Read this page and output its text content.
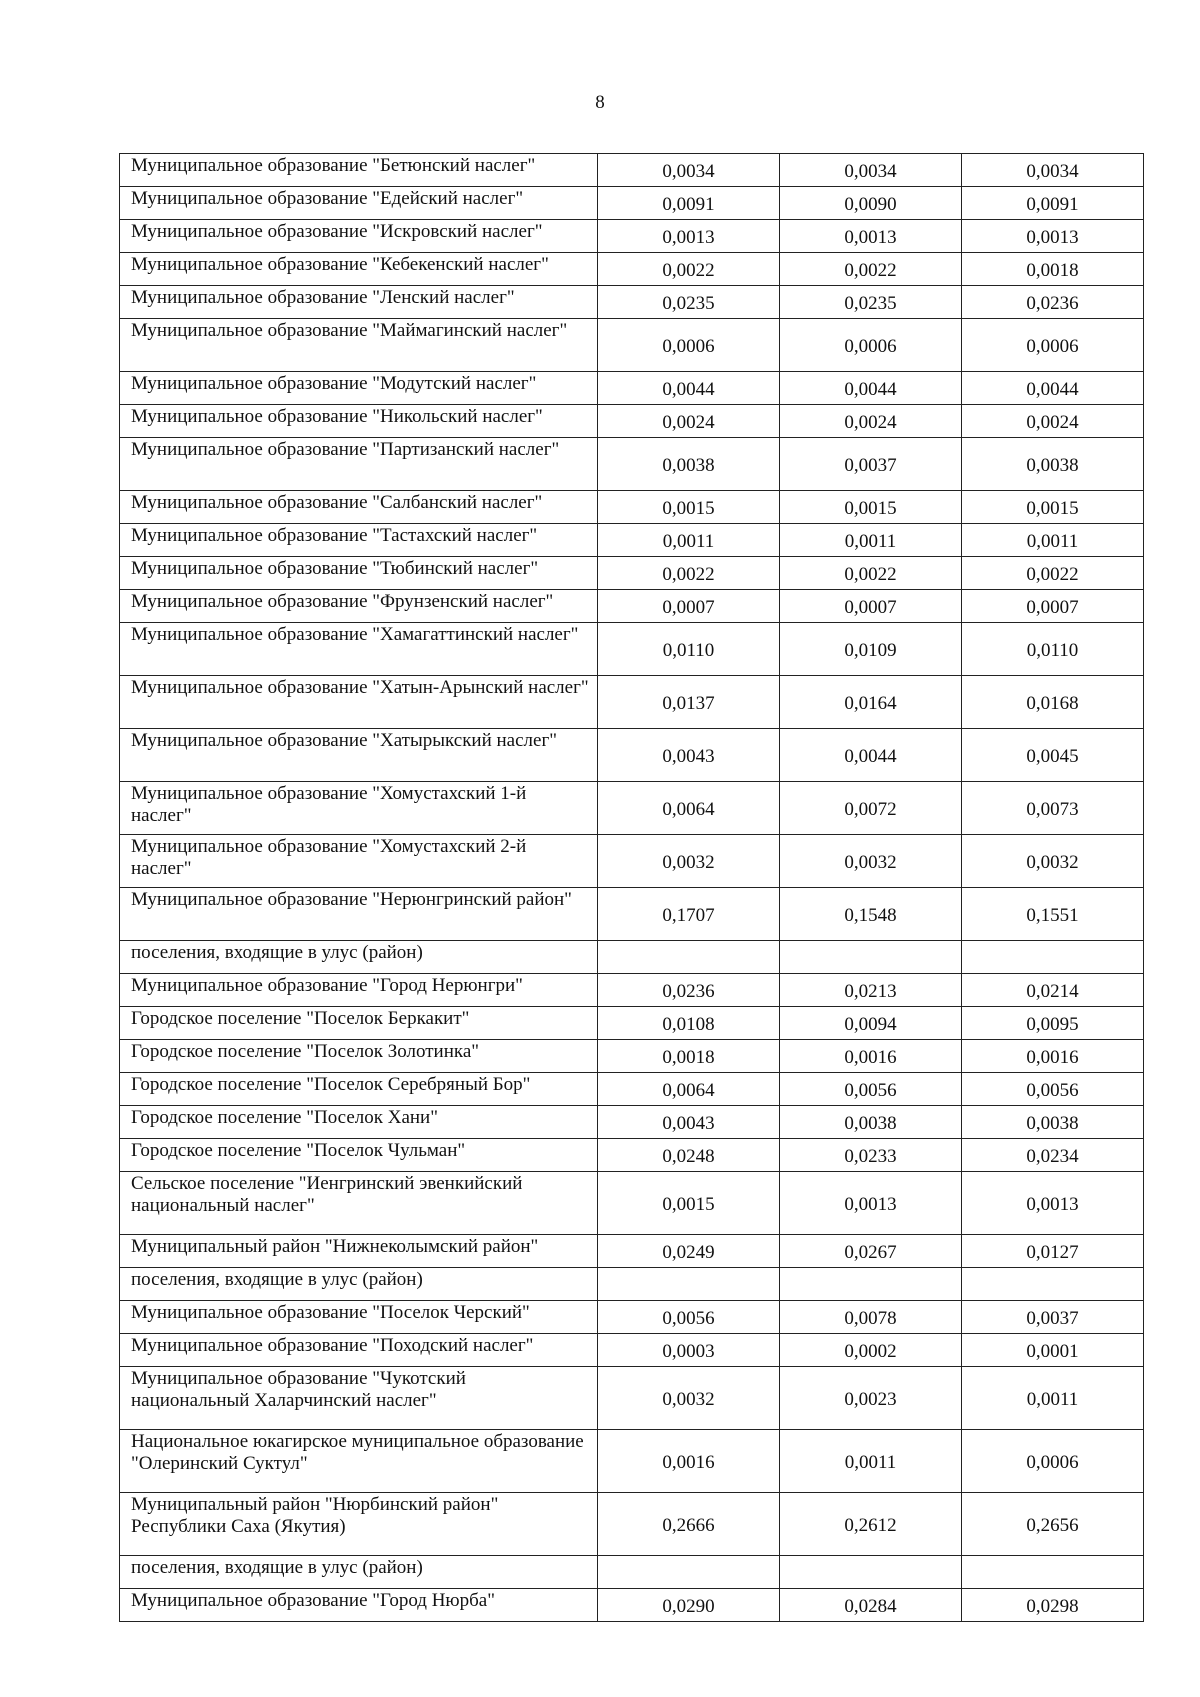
8
Муниципальное образование "Бетюнский наслег"	0,0034	0,0034	0,0034
Муниципальное образование "Едейский наслег"	0,0091	0,0090	0,0091
Муниципальное образование "Искровский наслег"	0,0013	0,0013	0,0013
Муниципальное образование "Кебекенский наслег"	0,0022	0,0022	0,0018
Муниципальное образование "Ленский наслег"	0,0235	0,0235	0,0236
Муниципальное образование "Маймагинский наслег"	0,0006	0,0006	0,0006
Муниципальное образование "Модутский наслег"	0,0044	0,0044	0,0044
Муниципальное образование "Никольский наслег"	0,0024	0,0024	0,0024
Муниципальное образование "Партизанский наслег"	0,0038	0,0037	0,0038
Муниципальное образование "Салбанский наслег"	0,0015	0,0015	0,0015
Муниципальное образование "Тастахский наслег"	0,0011	0,0011	0,0011
Муниципальное образование "Тюбинский наслег"	0,0022	0,0022	0,0022
Муниципальное образование "Фрунзенский наслег"	0,0007	0,0007	0,0007
Муниципальное образование "Хамагаттинский наслег"	0,0110	0,0109	0,0110
Муниципальное образование "Хатын-Арынский наслег"	0,0137	0,0164	0,0168
Муниципальное образование "Хатырыкский наслег"	0,0043	0,0044	0,0045
Муниципальное образование "Хомустахский 1-й наслег"	0,0064	0,0072	0,0073
Муниципальное образование "Хомустахский 2-й наслег"	0,0032	0,0032	0,0032
Муниципальное образование "Нерюнгринский район"	0,1707	0,1548	0,1551
поселения, входящие в улус (район)			
Муниципальное образование "Город Нерюнгри"	0,0236	0,0213	0,0214
Городское поселение "Поселок Беркакит"	0,0108	0,0094	0,0095
Городское поселение "Поселок Золотинка"	0,0018	0,0016	0,0016
Городское поселение "Поселок Серебряный Бор"	0,0064	0,0056	0,0056
Городское поселение "Поселок Хани"	0,0043	0,0038	0,0038
Городское поселение "Поселок Чульман"	0,0248	0,0233	0,0234
Сельское поселение "Иенгринский эвенкийский национальный наслег"	0,0015	0,0013	0,0013
Муниципальный район "Нижнеколымский район"	0,0249	0,0267	0,0127
поселения, входящие в улус (район)			
Муниципальное образование "Поселок Черский"	0,0056	0,0078	0,0037
Муниципальное образование "Походский наслег"	0,0003	0,0002	0,0001
Муниципальное образование "Чукотский национальный Халарчинский наслег"	0,0032	0,0023	0,0011
Национальное юкагирское муниципальное образование "Олеринский Суктул"	0,0016	0,0011	0,0006
Муниципальный район "Нюрбинский район" Республики Саха (Якутия)	0,2666	0,2612	0,2656
поселения, входящие в улус (район)			
Муниципальное образование "Город Нюрба"	0,0290	0,0284	0,0298
